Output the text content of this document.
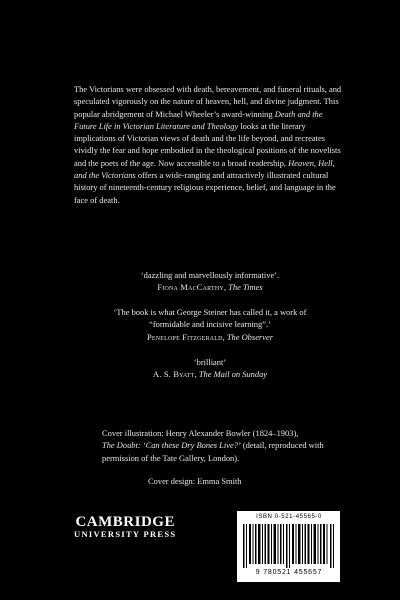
The Victorians were obsessed with death, bereavement, and funeral rituals, and speculated vigorously on the nature of heaven, hell, and divine judgment. This popular abridgement of Michael Wheeler’s award-winning Death and the Future Life in Victorian Literature and Theology looks at the literary implications of Victorian views of death and the life beyond, and recreates vividly the fear and hope embodied in the theological positions of the novelists and the poets of the age. Now accessible to a broad readership, Heaven, Hell, and the Victorians offers a wide-ranging and attractively illustrated cultural history of nineteenth-century religious experience, belief, and language in the face of death.

‘dazzling and marvellously informative’.

Fiona MacCarthy, The Times

‘The book is what George Steiner has called it, a work of “formidable and incisive learning”.’

Penelope Fitzgerald, The Observer

‘brilliant’

A. S. Byatt, The Mail on Sunday

Cover illustration: Henry Alexander Bowler (1824–1903),
The Doubt: ‘Can these Dry Bones Live?’ (detail, reproduced with permission of the Tate Gallery, London).

Cover design: Emma Smith

CAMBRIDGE
UNIVERSITY PRESS
ISBN 0-521-45565-0
9 780521 455657
